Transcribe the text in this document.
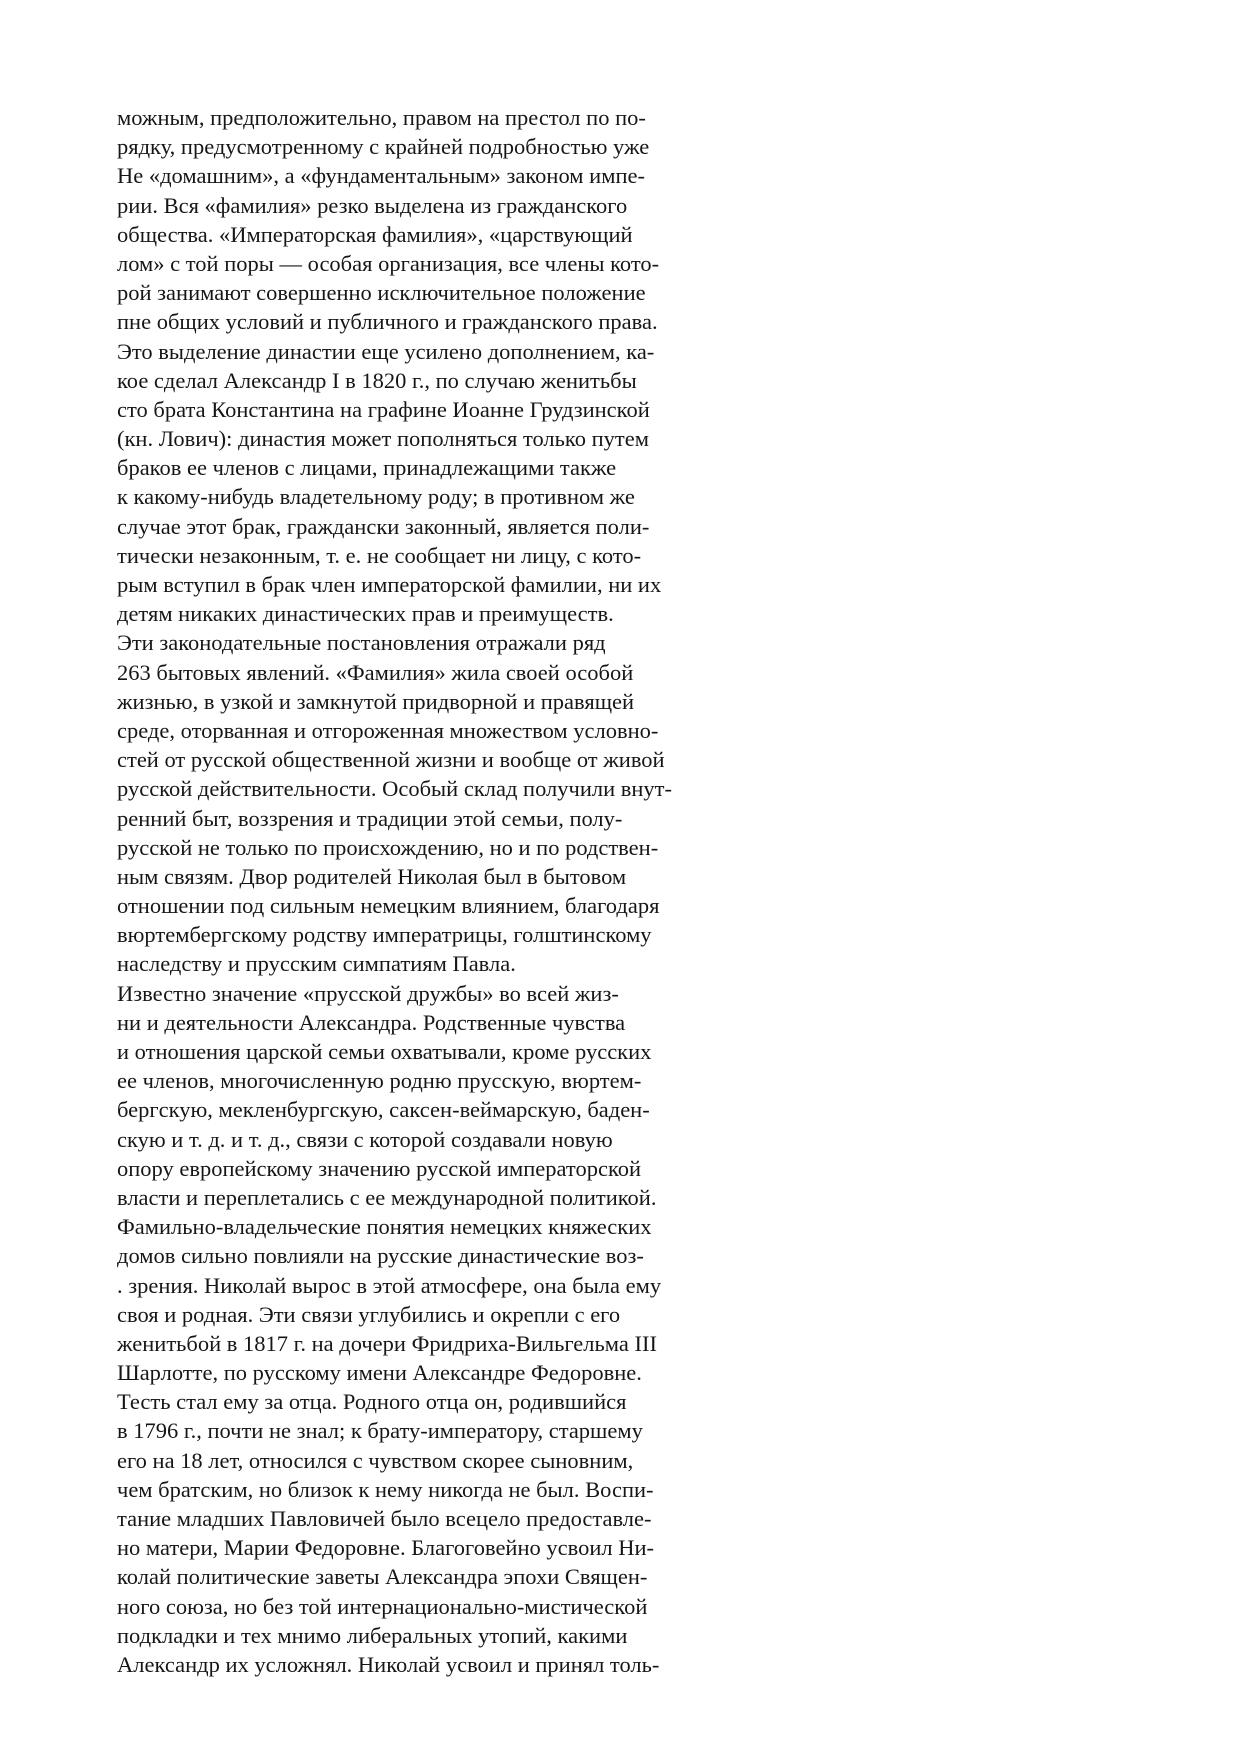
можным, предположительно, правом на престол по по-
рядку, предусмотренному с крайней подробностью уже
Не «домашним», а «фундаментальным» законом импе-
рии. Вся «фамилия» резко выделена из гражданского
общества. «Императорская фамилия», «царствующий
лом» с той поры — особая организация, все члены кото-
рой занимают совершенно исключительное положение
пне общих условий и публичного и гражданского права.
Это выделение династии еще усилено дополнением, ка-
кое сделал Александр I в 1820 г., по случаю женитьбы
сто брата Константина на графине Иоанне Грудзинской
(кн. Лович): династия может пополняться только путем
браков ее членов с лицами, принадлежащими также
к какому-нибудь владетельному роду; в противном же
случае этот брак, граждански законный, является поли-
тически незаконным, т. е. не сообщает ни лицу, с кото-
рым вступил в брак член императорской фамилии, ни их
детям никаких династических прав и преимуществ.
Эти законодательные постановления отражали ряд
263 бытовых явлений. «Фамилия» жила своей особой
жизнью, в узкой и замкнутой придворной и правящей
среде, оторванная и отгороженная множеством условно-
стей от русской общественной жизни и вообще от живой
русской действительности. Особый склад получили внут-
ренний быт, воззрения и традиции этой семьи, полу-
русской не только по происхождению, но и по родствен-
ным связям. Двор родителей Николая был в бытовом
отношении под сильным немецким влиянием, благодаря
вюртембергскому родству императрицы, голштинскому
наследству и прусским симпатиям Павла.
Известно значение «прусской дружбы» во всей жиз-
ни и деятельности Александра. Родственные чувства
и отношения царской семьи охватывали, кроме русских
ее членов, многочисленную родню прусскую, вюртем-
бергскую, мекленбургскую, саксен-веймарскую, баден-
скую и т. д. и т. д., связи с которой создавали новую
опору европейскому значению русской императорской
власти и переплетались с ее международной политикой.
Фамильно-владельческие понятия немецких княжеских
домов сильно повлияли на русские династические воз-
. зрения. Николай вырос в этой атмосфере, она была ему
своя и родная. Эти связи углубились и окрепли с его
женитьбой в 1817 г. на дочери Фридриха-Вильгельма III
Шарлотте, по русскому имени Александре Федоровне.
Тесть стал ему за отца. Родного отца он, родившийся
в 1796 г., почти не знал; к брату-императору, старшему
его на 18 лет, относился с чувством скорее сыновним,
чем братским, но близок к нему никогда не был. Воспи-
тание младших Павловичей было всецело предоставле-
но матери, Марии Федоровне. Благоговейно усвоил Ни-
колай политические заветы Александра эпохи Священ-
ного союза, но без той интернационально-мистической
подкладки и тех мнимо либеральных утопий, какими
Александр их усложнял. Николай усвоил и принял толь-
